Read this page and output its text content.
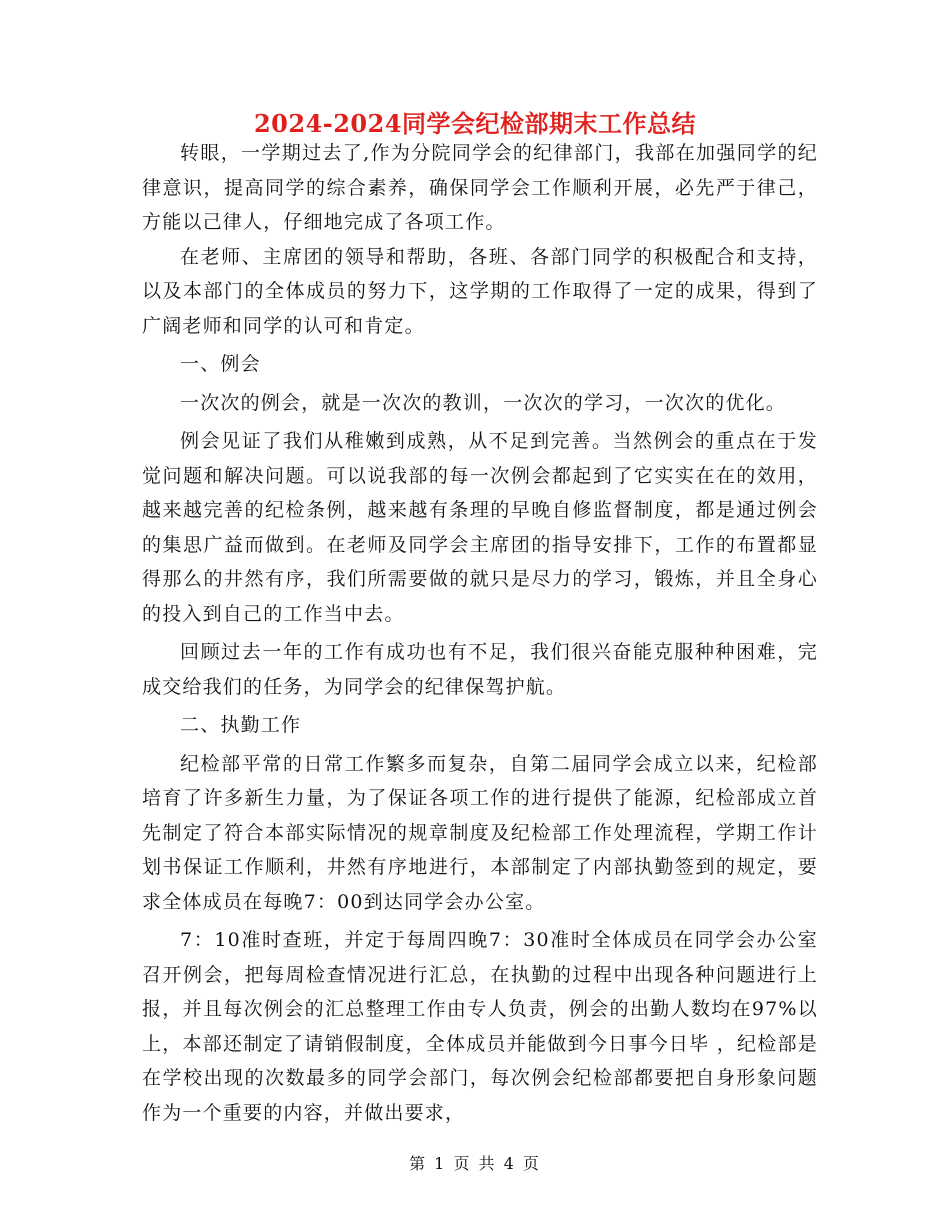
2024-2024同学会纪检部期末工作总结

转眼，一学期过去了,作为分院同学会的纪律部门，我部在加强同学的纪律意识，提高同学的综合素养，确保同学会工作顺利开展，必先严于律己，方能以己律人，仔细地完成了各项工作。

在老师、主席团的领导和帮助，各班、各部门同学的积极配合和支持，以及本部门的全体成员的努力下，这学期的工作取得了一定的成果，得到了广阔老师和同学的认可和肯定。

一、例会

一次次的例会，就是一次次的教训，一次次的学习，一次次的优化。

例会见证了我们从稚嫩到成熟，从不足到完善。当然例会的重点在于发觉问题和解决问题。可以说我部的每一次例会都起到了它实实在在的效用，越来越完善的纪检条例，越来越有条理的早晚自修监督制度，都是通过例会的集思广益而做到。在老师及同学会主席团的指导安排下，工作的布置都显得那么的井然有序，我们所需要做的就只是尽力的学习，锻炼，并且全身心的投入到自己的工作当中去。

回顾过去一年的工作有成功也有不足，我们很兴奋能克服种种困难，完成交给我们的任务，为同学会的纪律保驾护航。

二、执勤工作

纪检部平常的日常工作繁多而复杂，自第二届同学会成立以来，纪检部培育了许多新生力量，为了保证各项工作的进行提供了能源，纪检部成立首先制定了符合本部实际情况的规章制度及纪检部工作处理流程，学期工作计划书保证工作顺利，井然有序地进行，本部制定了内部执勤签到的规定，要求全体成员在每晚7：00到达同学会办公室。

7：10准时查班，并定于每周四晚7：30准时全体成员在同学会办公室召开例会，把每周检查情况进行汇总，在执勤的过程中出现各种问题进行上报，并且每次例会的汇总整理工作由专人负责，例会的出勤人数均在97%以上，本部还制定了请销假制度，全体成员并能做到今日事今日毕 ，纪检部是在学校出现的次数最多的同学会部门，每次例会纪检部都要把自身形象问题作为一个重要的内容，并做出要求，

第 1 页 共 4 页
